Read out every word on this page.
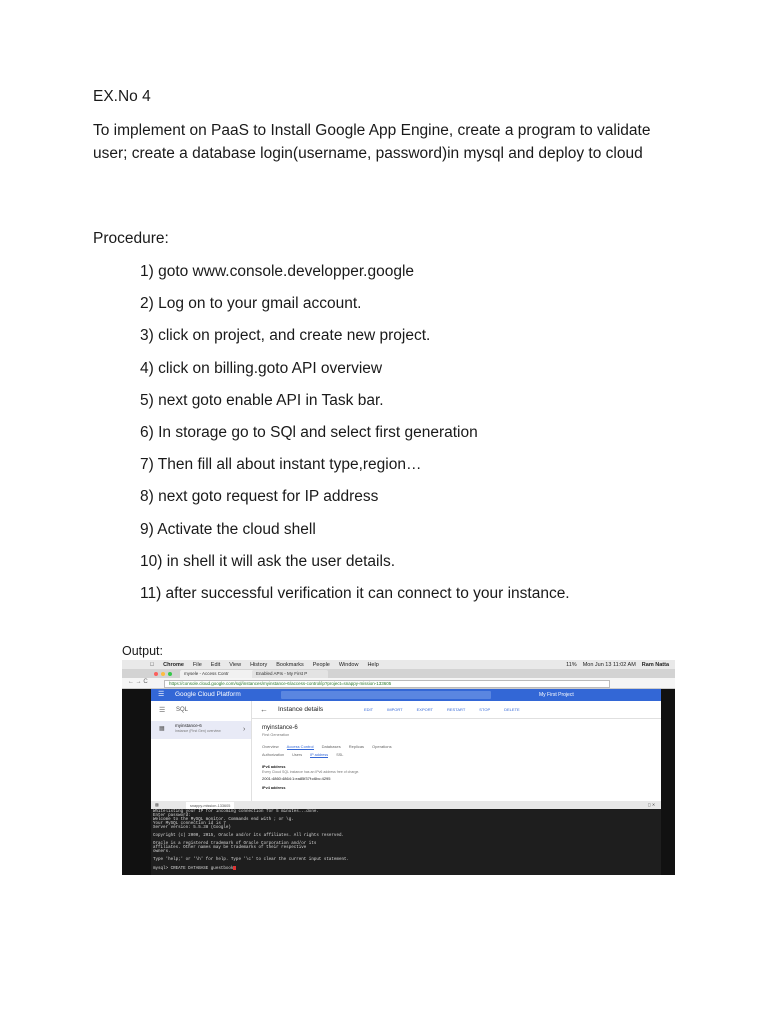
EX.No 4
To implement on PaaS to Install Google App Engine, create a program to validate user; create a database login(username, password)in mysql and deploy to cloud
Procedure:
1) goto www.console.developper.google
2) Log on to your gmail account.
3) click on project, and create new project.
4) click on billing.goto API overview
5) next goto enable API in Task bar.
6) In storage go to SQl and select first generation
7) Then fill all about instant type,region…
8) next goto request for IP address
9) Activate the cloud shell
10) in shell it will ask the user details.
11) after successful verification it can connect to your instance.
Output:
Chrome File Edit View History Bookmarks People Window Help	11% Mon Jun 13 11:02 AM Ram Natta
mysele - Access Contr	Enabled APIs - My First P
← → C	https://console.cloud.google.com/sql/instances/myinstance-6/access-control/ip?project=snappy-mission-133605
☰ Google Cloud Platform	My First Project
☰ SQL
▦
myinstance-6
Instance (First Gen) overview	›
← Instance details	EDIT	IMPORT	EXPORT	RESTART	STOP	DELETE
myinstance-6
First Generation
Overview Access Control Databases Replicas Operations
Authorization Users IP address SSL
IPv6 address
Every Cloud SQL instance has an IPv6 address free of charge.
2001:4860:4864:1:ea85f37f:c6bc:4295
IPv4 address
▩	snappy-mission-133605	◻ ✕
Whitelisting your IP for incoming connection for 5 minutes...done.
Enter password:
Welcome to the MySQL monitor. Commands end with ; or \g.
Your MySQL connection id is 7
Server version: 5.5.38 (Google)
Copyright (c) 2000, 2015, Oracle and/or its affiliates. All rights reserved.
Oracle is a registered trademark of Oracle Corporation and/or its
affiliates. Other names may be trademarks of their respective
owners.
Type 'help;' or '\h' for help. Type '\c' to clear the current input statement.
mysql> CREATE DATABASE guestbook
